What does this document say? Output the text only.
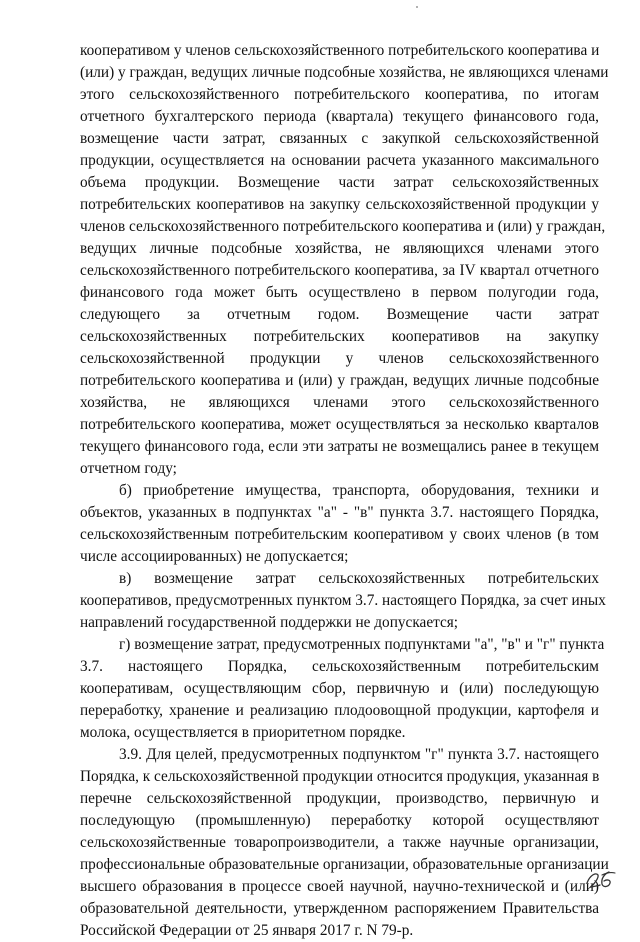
кооперативом у членов сельскохозяйственного потребительского кооператива и
(или) у граждан, ведущих личные подсобные хозяйства, не являющихся членами
этого сельскохозяйственного потребительского кооператива, по итогам
отчетного бухгалтерского периода (квартала) текущего финансового года,
возмещение части затрат, связанных с закупкой сельскохозяйственной
продукции, осуществляется на основании расчета указанного максимального
объема продукции. Возмещение части затрат сельскохозяйственных
потребительских кооперативов на закупку сельскохозяйственной продукции у
членов сельскохозяйственного потребительского кооператива и (или) у граждан,
ведущих личные подсобные хозяйства, не являющихся членами этого
сельскохозяйственного потребительского кооператива, за IV квартал отчетного
финансового года может быть осуществлено в первом полугодии года,
следующего за отчетным годом. Возмещение части затрат
сельскохозяйственных потребительских кооперативов на закупку
сельскохозяйственной продукции у членов сельскохозяйственного
потребительского кооператива и (или) у граждан, ведущих личные подсобные
хозяйства, не являющихся членами этого сельскохозяйственного
потребительского кооператива, может осуществляться за несколько кварталов
текущего финансового года, если эти затраты не возмещались ранее в текущем
отчетном году;
б) приобретение имущества, транспорта, оборудования, техники и
объектов, указанных в подпунктах "а" - "в" пункта 3.7. настоящего Порядка,
сельскохозяйственным потребительским кооперативом у своих членов (в том
числе ассоциированных) не допускается;
в) возмещение затрат сельскохозяйственных потребительских
кооперативов, предусмотренных пунктом 3.7. настоящего Порядка, за счет иных
направлений государственной поддержки не допускается;
г) возмещение затрат, предусмотренных подпунктами "а", "в" и "г" пункта
3.7. настоящего Порядка, сельскохозяйственным потребительским
кооперативам, осуществляющим сбор, первичную и (или) последующую
переработку, хранение и реализацию плодоовощной продукции, картофеля и
молока, осуществляется в приоритетном порядке.
3.9. Для целей, предусмотренных подпунктом "г" пункта 3.7. настоящего
Порядка, к сельскохозяйственной продукции относится продукция, указанная в
перечне сельскохозяйственной продукции, производство, первичную и
последующую (промышленную) переработку которой осуществляют
сельскохозяйственные товаропроизводители, а также научные организации,
профессиональные образовательные организации, образовательные организации
высшего образования в процессе своей научной, научно-технической и (или)
образовательной деятельности, утвержденном распоряжением Правительства
Российской Федерации от 25 января 2017 г. N 79-р.
